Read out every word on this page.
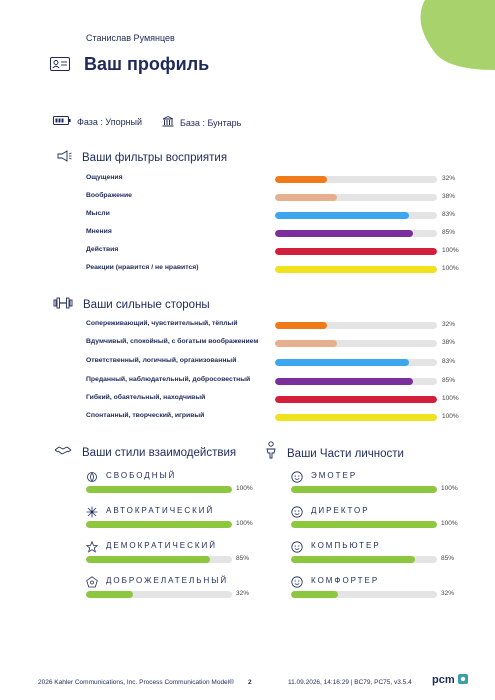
Станислав Румянцев
Ваш профиль
Фаза : Упорный	База : Бунтарь
Ваши фильтры восприятия
Ощущения	32%
Воображение	38%
Мысли	83%
Мнения	85%
Действия	100%
Реакции (нравится / не нравится)	100%
Ваши сильные стороны
Сопереживающий, чувствительный, тёплый	32%
Вдумчивый, спокойный, с богатым воображением	38%
Ответственный, логичный, организованный	83%
Преданный, наблюдательный, добросовестный	85%
Гибкий, обаятельный, находчивый	100%
Спонтанный, творческий, игривый	100%
Ваши стили взаимодействия
СВОБОДНЫЙ
100%
АВТОКРАТИЧЕСКИЙ
100%
ДЕМОКРАТИЧЕСКИЙ
85%
ДОБРОЖЕЛАТЕЛЬНЫЙ
32%
Ваши Части личности
ЭМОТЕР
100%
ДИРЕКТОР
100%
КОМПЬЮТЕР
85%
КОМФОРТЕР
32%
2026 Kahler Communications, Inc. Process Communication Model® 2	11.09.2026, 14:16:29 | BC79, PC75, v3.5.4 pcm
